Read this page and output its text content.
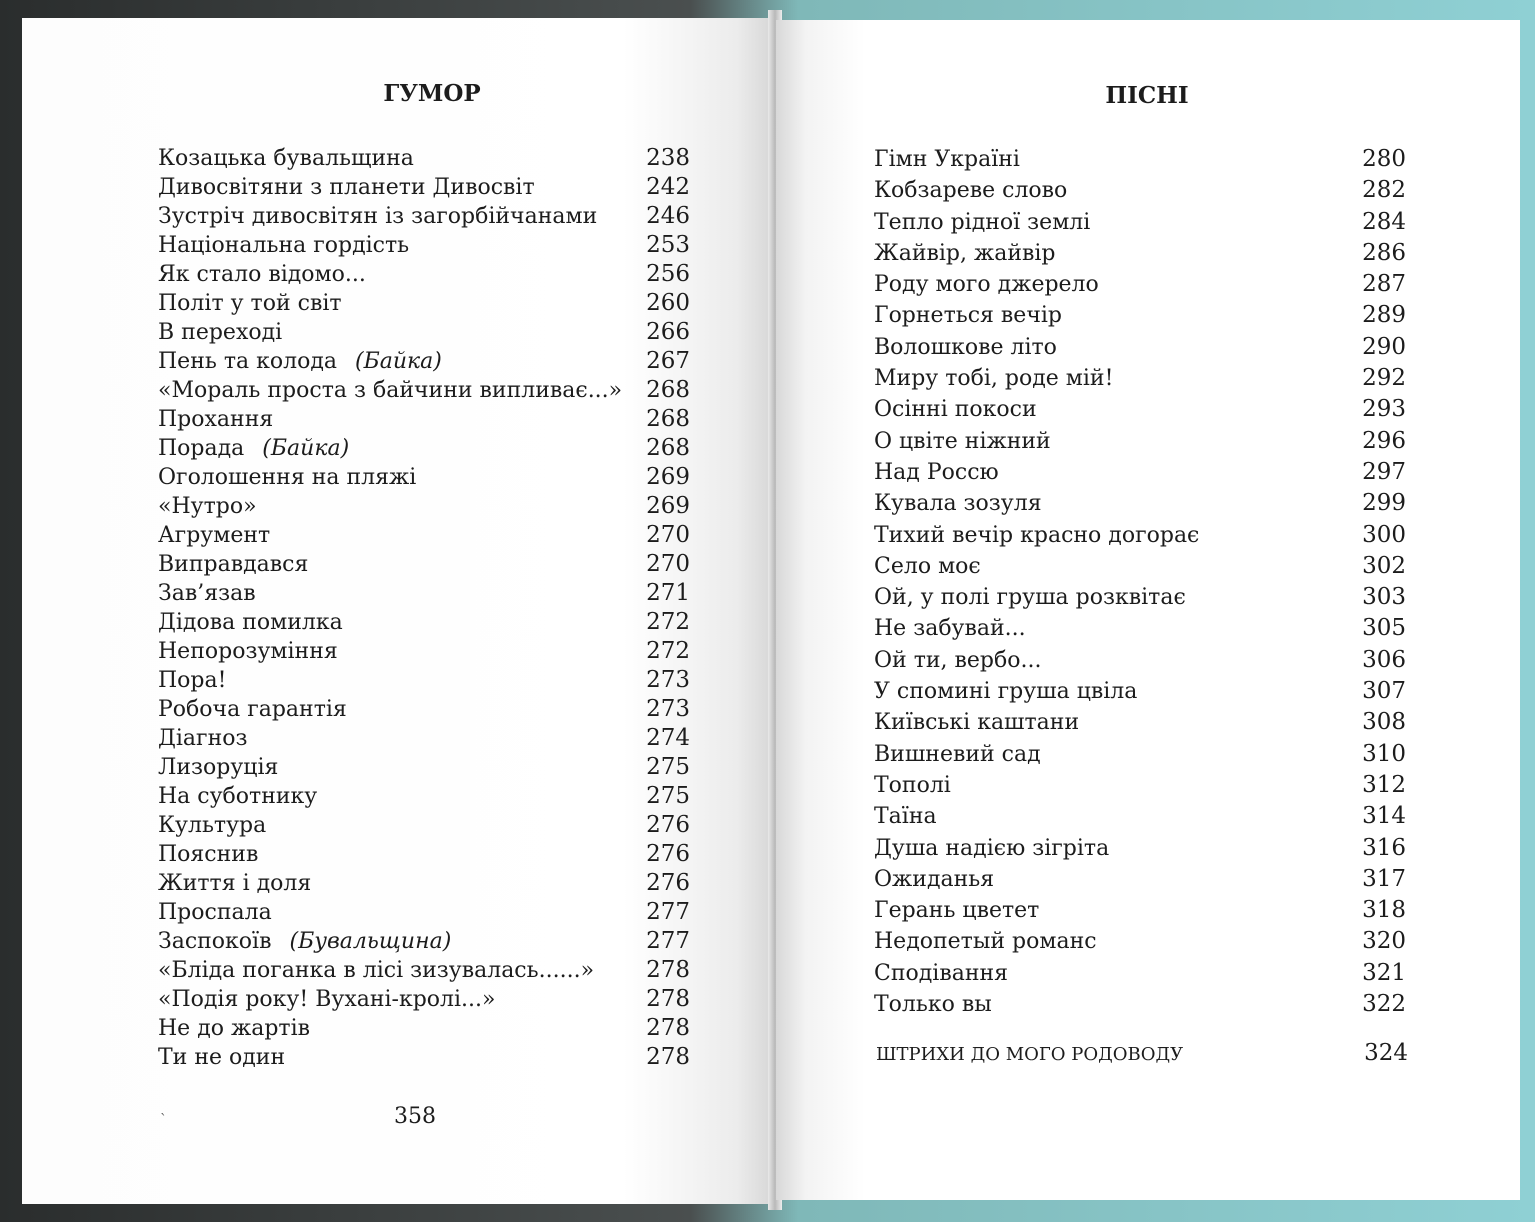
ГУМОР
Козацька бувальщина	238
Дивосвітяни з планети Дивосвіт	242
Зустріч дивосвітян із загорбійчанами 246
Національна гордість	253
Як стало відомо...	256
Політ у той світ	260
В переході	266
Пень та колода (Байка)	267
«Мораль проста з байчини випливає...» 268
Прохання	268
Порада (Байка)	268
Оголошення на пляжі	269
«Нутро»	269
Агрумент	270
Виправдався	270
Зав’язав	271
Дідова помилка	272
Непорозуміння	272
Пора!	273
Робоча гарантія	273
Діагноз	274
Лизоруція	275
На суботнику	275
Культура	276
Пояснив	276
Життя і доля	276
Проспала	277
Заспокоїв (Бувальщина)	277
«Бліда поганка в лісі зизувалась......» 278
«Подія року! Вухані-кролі...»	278
Не до жартів	278
Ти не один	278
`	358
ПІСНІ
Гімн Україні	280
Кобзареве слово	282
Тепло рідної землі	284
Жайвір, жайвір	286
Роду мого джерело	287
Горнеться вечір	289
Волошкове літо	290
Миру тобі, роде мій!	292
Осінні покоси	293
О цвіте ніжний	296
Над Россю	297
Кувала зозуля	299
Тихий вечір красно догорає	300
Село моє	302
Ой, у полі груша розквітає	303
Не забувай...	305
Ой ти, вербо...	306
У спомині груша цвіла	307
Київські каштани	308
Вишневий сад	310
Тополі	312
Таїна	314
Душа надією зігріта	316
Ожиданья	317
Герань цветет	318
Недопетый романс	320
Сподівання	321
Только вы	322
ШТРИХИ ДО МОГО РОДОВОДУ	324
